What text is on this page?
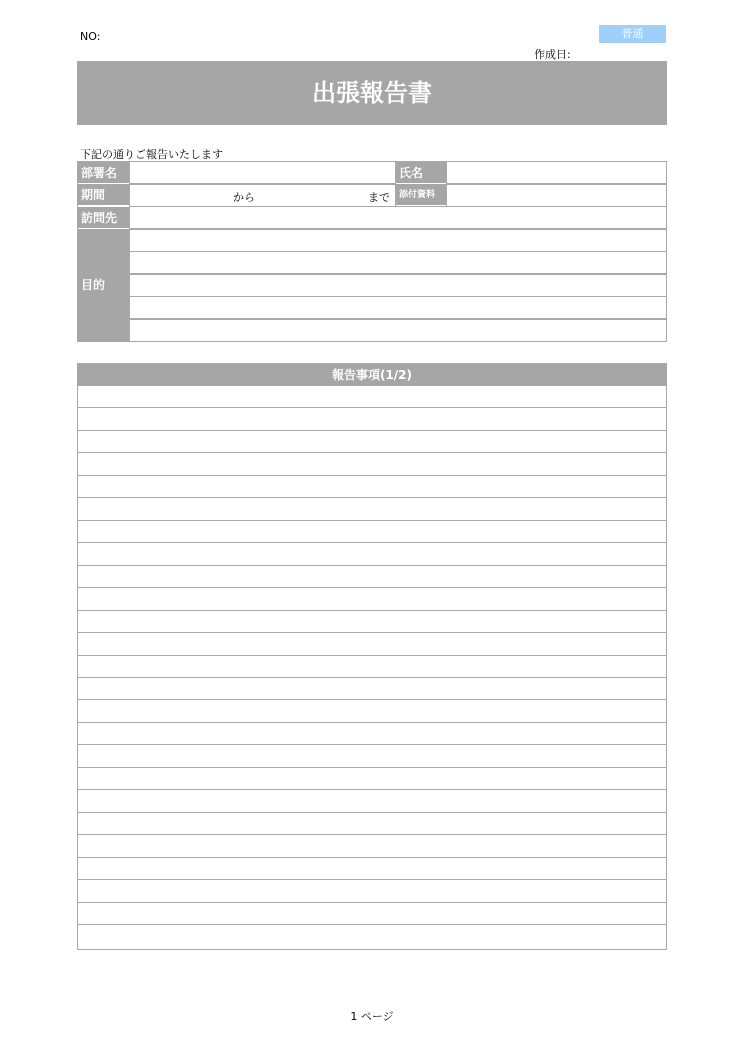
NO:	普通
作成日:
出張報告書
下記の通りご報告いたします
部署名	氏名
期間	から	まで 添付資料
訪問先
目的
報告事項(1/2)
1 ページ
